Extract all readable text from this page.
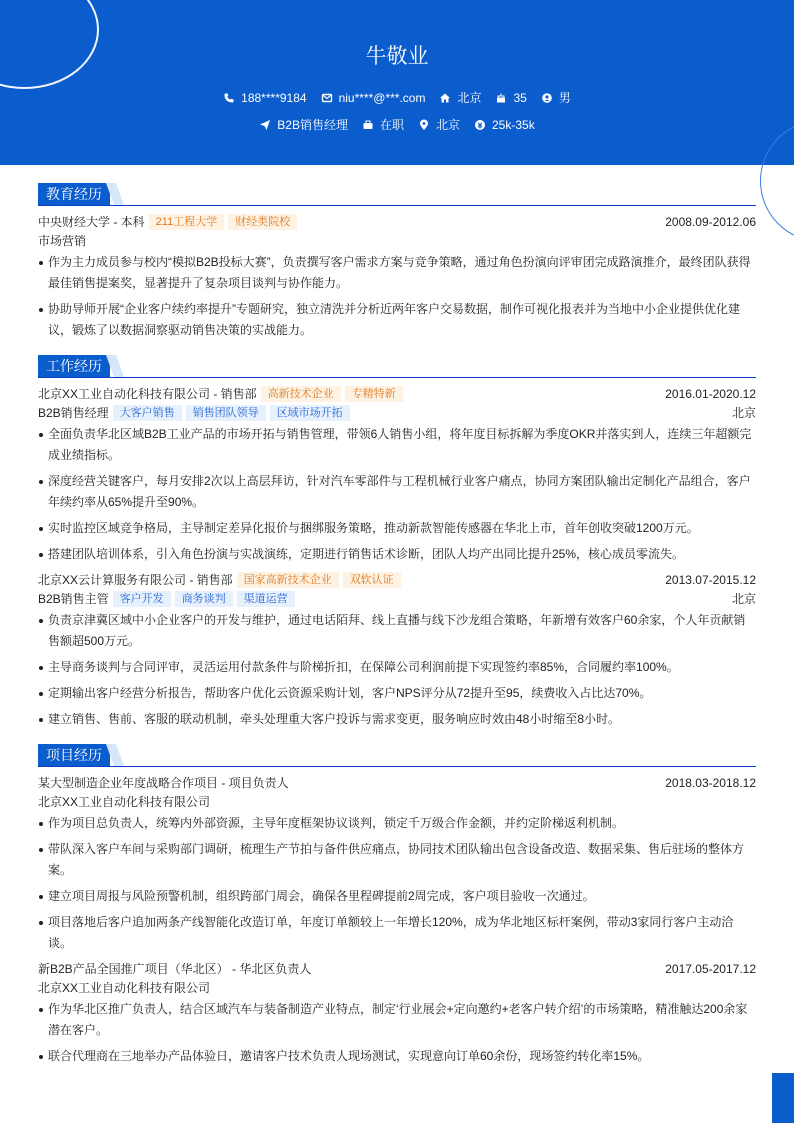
牛敬业
188****9184	niu****@***.com	北京	35	男
B2B销售经理	在职	北京	25k-35k
教育经历
中央财经大学 - 本科	211工程大学	财经类院校	2008.09-2012.06
市场营销
作为主力成员参与校内“模拟B2B投标大赛”，负责撰写客户需求方案与竞争策略，通过角色扮演向评审团完成路演推介，最终团队获得最佳销售提案奖，显著提升了复杂项目谈判与协作能力。
协助导师开展“企业客户续约率提升”专题研究，独立清洗并分析近两年客户交易数据，制作可视化报表并为当地中小企业提供优化建议，锻炼了以数据洞察驱动销售决策的实战能力。
工作经历
北京XX工业自动化科技有限公司 - 销售部	高新技术企业	专精特新	2016.01-2020.12
B2B销售经理	大客户销售	销售团队领导	区域市场开拓	北京
全面负责华北区域B2B工业产品的市场开拓与销售管理，带领6人销售小组，将年度目标拆解为季度OKR并落实到人，连续三年超额完成业绩指标。
深度经营关键客户，每月安排2次以上高层拜访，针对汽车零部件与工程机械行业客户痛点，协同方案团队输出定制化产品组合，客户年续约率从65%提升至90%。
实时监控区域竞争格局，主导制定差异化报价与捆绑服务策略，推动新款智能传感器在华北上市，首年创收突破1200万元。
搭建团队培训体系，引入角色扮演与实战演练，定期进行销售话术诊断，团队人均产出同比提升25%，核心成员零流失。
北京XX云计算服务有限公司 - 销售部	国家高新技术企业	双软认证	2013.07-2015.12
B2B销售主管	客户开发	商务谈判	渠道运营	北京
负责京津冀区域中小企业客户的开发与维护，通过电话陌拜、线上直播与线下沙龙组合策略，年新增有效客户60余家，个人年贡献销售额超500万元。
主导商务谈判与合同评审，灵活运用付款条件与阶梯折扣，在保障公司利润前提下实现签约率85%，合同履约率100%。
定期输出客户经营分析报告，帮助客户优化云资源采购计划，客户NPS评分从72提升至95，续费收入占比达70%。
建立销售、售前、客服的联动机制，牵头处理重大客户投诉与需求变更，服务响应时效由48小时缩至8小时。
项目经历
某大型制造企业年度战略合作项目 - 项目负责人	2018.03-2018.12
北京XX工业自动化科技有限公司
作为项目总负责人，统筹内外部资源，主导年度框架协议谈判，锁定千万级合作金额，并约定阶梯返利机制。
带队深入客户车间与采购部门调研，梳理生产节拍与备件供应痛点，协同技术团队输出包含设备改造、数据采集、售后驻场的整体方案。
建立项目周报与风险预警机制，组织跨部门周会，确保各里程碑提前2周完成，客户项目验收一次通过。
项目落地后客户追加两条产线智能化改造订单，年度订单额较上一年增长120%，成为华北地区标杆案例，带动3家同行客户主动洽谈。
新B2B产品全国推广项目（华北区） - 华北区负责人	2017.05-2017.12
北京XX工业自动化科技有限公司
作为华北区推广负责人，结合区域汽车与装备制造产业特点，制定‘行业展会+定向邀约+老客户转介绍’的市场策略，精准触达200余家潜在客户。
联合代理商在三地举办产品体验日，邀请客户技术负责人现场测试，实现意向订单60余份，现场签约转化率15%。
